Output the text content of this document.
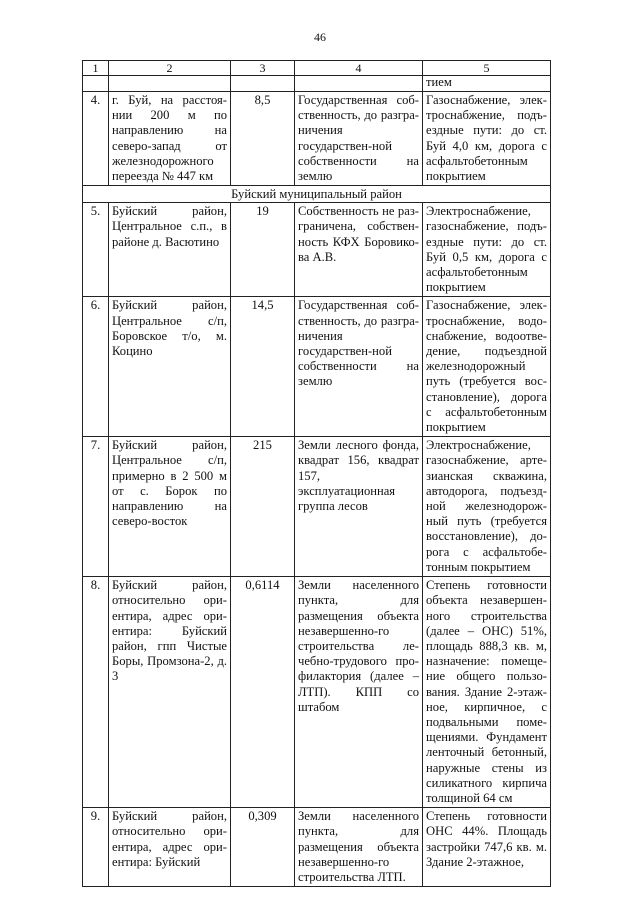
46
1	2	3	4	5
				тием
4.	г. Буй, на расстоя-нии 200 м по направлению на северо-запад от железнодорожного переезда № 447 км	8,5	Государственная соб-ственность, до разгра-ничения государствен-ной собственности на землю	Газоснабжение, элек-троснабжение, подъ-ездные пути: до ст. Буй 4,0 км, дорога с асфальтобетонным покрытием
Буйский муниципальный район				
5.	Буйский район, Центральное с.п., в районе д. Васютино	19	Собственность не раз-граничена, собствен-ность КФХ Боровико-ва А.В.	Электроснабжение, газоснабжение, подъ-ездные пути: до ст. Буй 0,5 км, дорога с асфальтобетонным покрытием
6.	Буйский район, Центральное с/п, Боровское т/о, м. Коцино	14,5	Государственная соб-ственность, до разгра-ничения государствен-ной собственности на землю	Газоснабжение, элек-троснабжение, водо-снабжение, водоотве-дение, подъездной железнодорожный путь (требуется вос-становление), дорога с асфальтобетонным покрытием
7.	Буйский район, Центральное с/п, примерно в 2 500 м от с. Борок по направлению на северо-восток	215	Земли лесного фонда, квадрат 156, квадрат 157, эксплуатационная группа лесов	Электроснабжение, газоснабжение, арте-зианская скважина, автодорога, подъезд-ной железнодорож-ный путь (требуется восстановление), до-рога с асфальтобе-тонным покрытием
8.	Буйский район, относительно ори-ентира, адрес ори-ентира: Буйский район, гпп Чистые Боры, Промзона-2, д. 3	0,6114	Земли населенного пункта, для размещения объекта незавершенно-го строительства ле-чебно-трудового про-филактория (далее – ЛТП). КПП со штабом	Степень готовности объекта незавершен-ного строительства (далее – ОНС) 51%, площадь 888,3 кв. м, назначение: помеще-ние общего пользо-вания. Здание 2-этаж-ное, кирпичное, с подвальными поме-щениями. Фундамент ленточный бетонный, наружные стены из силикатного кирпича толщиной 64 см
9.	Буйский район, относительно ори-ентира, адрес ори-ентира: Буйский	0,309	Земли населенного пункта, для размещения объекта незавершенно-го строительства ЛТП.	Степень готовности ОНС 44%. Площадь застройки 747,6 кв. м. Здание 2-этажное,
